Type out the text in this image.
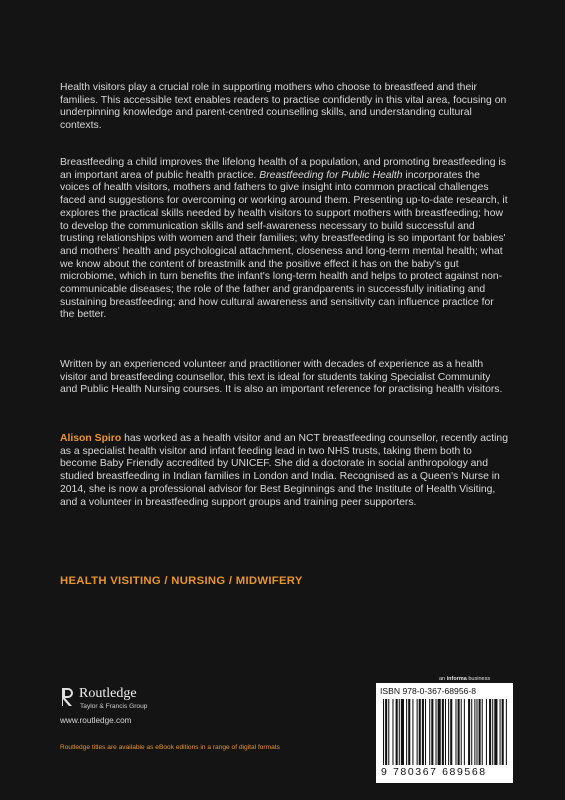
Health visitors play a crucial role in supporting mothers who choose to breastfeed and their families. This accessible text enables readers to practise confidently in this vital area, focusing on underpinning knowledge and parent-centred counselling skills, and understanding cultural contexts.

Breastfeeding a child improves the lifelong health of a population, and promoting breastfeeding is an important area of public health practice. Breastfeeding for Public Health incorporates the voices of health visitors, mothers and fathers to give insight into common practical challenges faced and suggestions for overcoming or working around them. Presenting up-to-date research, it explores the practical skills needed by health visitors to support mothers with breastfeeding; how to develop the communication skills and self-awareness necessary to build successful and trusting relationships with women and their families; why breastfeeding is so important for babies' and mothers' health and psychological attachment, closeness and long-term mental health; what we know about the content of breastmilk and the positive effect it has on the baby's gut microbiome, which in turn benefits the infant's long-term health and helps to protect against non-communicable diseases; the role of the father and grandparents in successfully initiating and sustaining breastfeeding; and how cultural awareness and sensitivity can influence practice for the better.

Written by an experienced volunteer and practitioner with decades of experience as a health visitor and breastfeeding counsellor, this text is ideal for students taking Specialist Community and Public Health Nursing courses. It is also an important reference for practising health visitors.

Alison Spiro has worked as a health visitor and an NCT breastfeeding counsellor, recently acting as a specialist health visitor and infant feeding lead in two NHS trusts, taking them both to become Baby Friendly accredited by UNICEF. She did a doctorate in social anthropology and studied breastfeeding in Indian families in London and India. Recognised as a Queen's Nurse in 2014, she is now a professional advisor for Best Beginnings and the Institute of Health Visiting, and a volunteer in breastfeeding support groups and training peer supporters.

HEALTH VISITING / NURSING / MIDWIFERY
an informa business
ISBN 978-0-367-68956-8
9 780367 689568
Routledge
Taylor & Francis Group
www.routledge.com
Routledge titles are available as eBook editions in a range of digital formats
